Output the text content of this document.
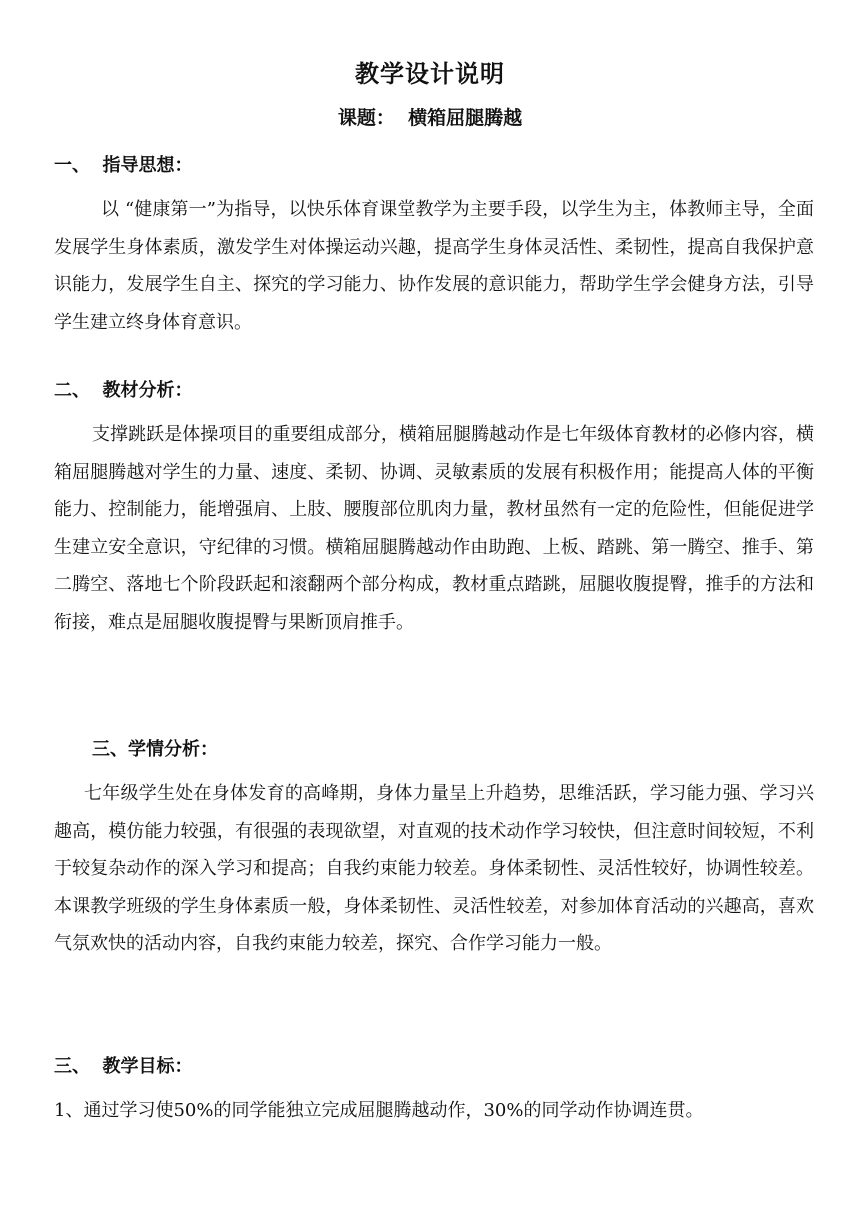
教学设计说明
课题：  横箱屈腿腾越
一、  指导思想：

以 “健康第一”为指导，以快乐体育课堂教学为主要手段，以学生为主，体教师主导，全面发展学生身体素质，激发学生对体操运动兴趣，提高学生身体灵活性、柔韧性，提高自我保护意识能力，发展学生自主、探究的学习能力、协作发展的意识能力，帮助学生学会健身方法，引导学生建立终身体育意识。

二、  教材分析：

支撑跳跃是体操项目的重要组成部分，横箱屈腿腾越动作是七年级体育教材的必修内容，横箱屈腿腾越对学生的力量、速度、柔韧、协调、灵敏素质的发展有积极作用；能提高人体的平衡能力、控制能力，能增强肩、上肢、腰腹部位肌肉力量，教材虽然有一定的危险性，但能促进学生建立安全意识，守纪律的习惯。横箱屈腿腾越动作由助跑、上板、踏跳、第一腾空、推手、第二腾空、落地七个阶段跃起和滚翻两个部分构成，教材重点踏跳，屈腿收腹提臀，推手的方法和衔接，难点是屈腿收腹提臀与果断顶肩推手。

三、学情分析：

七年级学生处在身体发育的高峰期，身体力量呈上升趋势，思维活跃，学习能力强、学习兴趣高，模仿能力较强，有很强的表现欲望，对直观的技术动作学习较快，但注意时间较短，不利于较复杂动作的深入学习和提高；自我约束能力较差。身体柔韧性、灵活性较好，协调性较差。本课教学班级的学生身体素质一般，身体柔韧性、灵活性较差，对参加体育活动的兴趣高，喜欢气氛欢快的活动内容，自我约束能力较差，探究、合作学习能力一般。

三、  教学目标：

1、通过学习使50%的同学能独立完成屈腿腾越动作，30%的同学动作协调连贯。
